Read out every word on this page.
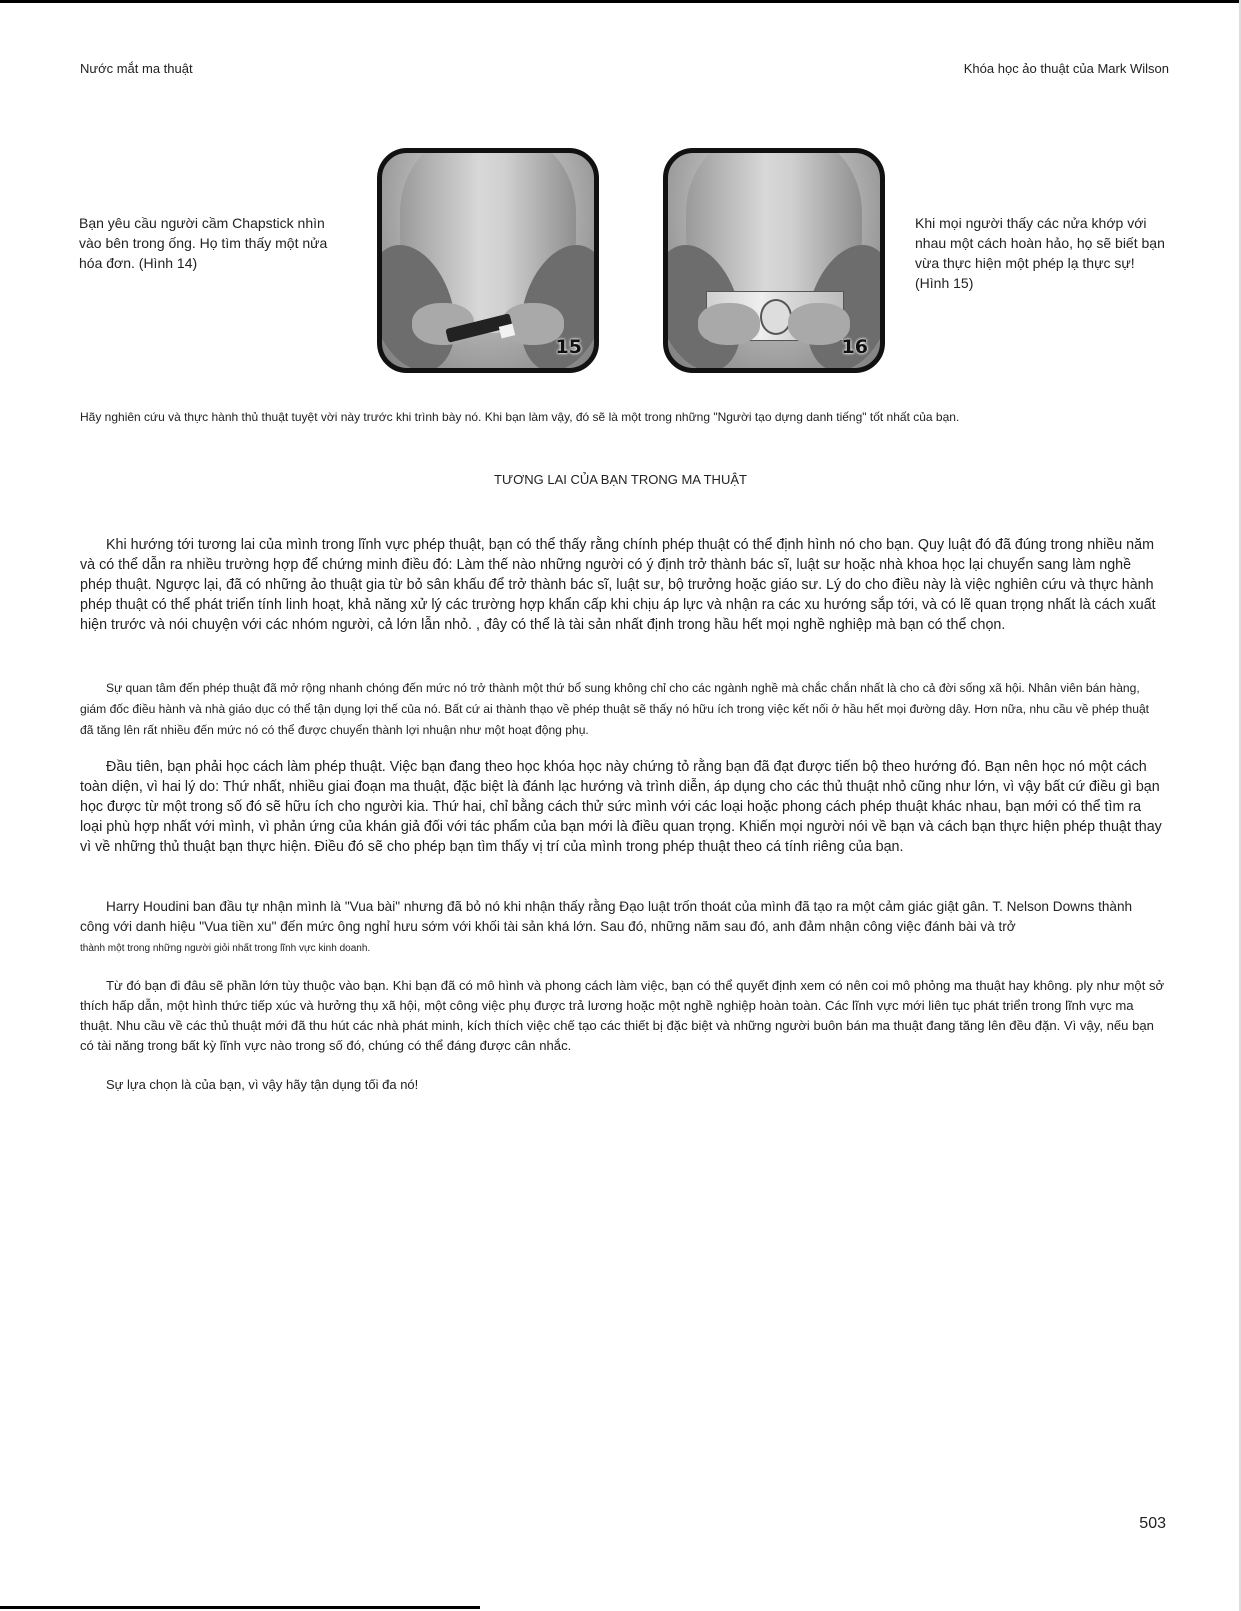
Nước mắt ma thuật	Khóa học ảo thuật của Mark Wilson
Bạn yêu cầu người cầm Chapstick nhìn vào bên trong ống. Họ tìm thấy một nửa hóa đơn. (Hình 14)
15	16
Khi mọi người thấy các nửa khớp với nhau một cách hoàn hảo, họ sẽ biết bạn vừa thực hiện một phép lạ thực sự! (Hình 15)
Hãy nghiên cứu và thực hành thủ thuật tuyệt vời này trước khi trình bày nó. Khi bạn làm vậy, đó sẽ là một trong những "Người tạo dựng danh tiếng" tốt nhất của bạn.
TƯƠNG LAI CỦA BẠN TRONG MA THUẬT

Khi hướng tới tương lai của mình trong lĩnh vực phép thuật, bạn có thể thấy rằng chính phép thuật có thể định hình nó cho bạn. Quy luật đó đã đúng trong nhiều năm và có thể dẫn ra nhiều trường hợp để chứng minh điều đó: Làm thế nào những người có ý định trở thành bác sĩ, luật sư hoặc nhà khoa học lại chuyển sang làm nghề phép thuật. Ngược lại, đã có những ảo thuật gia từ bỏ sân khấu để trở thành bác sĩ, luật sư, bộ trưởng hoặc giáo sư. Lý do cho điều này là việc nghiên cứu và thực hành phép thuật có thể phát triển tính linh hoạt, khả năng xử lý các trường hợp khẩn cấp khi chịu áp lực và nhận ra các xu hướng sắp tới, và có lẽ quan trọng nhất là cách xuất hiện trước và nói chuyện với các nhóm người, cả lớn lẫn nhỏ. , đây có thể là tài sản nhất định trong hầu hết mọi nghề nghiệp mà bạn có thể chọn.

Sự quan tâm đến phép thuật đã mở rộng nhanh chóng đến mức nó trở thành một thứ bổ sung không chỉ cho các ngành nghề mà chắc chắn nhất là cho cả đời sống xã hội. Nhân viên bán hàng, giám đốc điều hành và nhà giáo dục có thể tận dụng lợi thế của nó. Bất cứ ai thành thạo về phép thuật sẽ thấy nó hữu ích trong việc kết nối ở hầu hết mọi đường dây. Hơn nữa, nhu cầu về phép thuật đã tăng lên rất nhiều đến mức nó có thể được chuyển thành lợi nhuận như một hoạt động phụ.

Đầu tiên, bạn phải học cách làm phép thuật. Việc bạn đang theo học khóa học này chứng tỏ rằng bạn đã đạt được tiến bộ theo hướng đó. Bạn nên học nó một cách toàn diện, vì hai lý do: Thứ nhất, nhiều giai đoạn ma thuật, đặc biệt là đánh lạc hướng và trình diễn, áp dụng cho các thủ thuật nhỏ cũng như lớn, vì vậy bất cứ điều gì bạn học được từ một trong số đó sẽ hữu ích cho người kia. Thứ hai, chỉ bằng cách thử sức mình với các loại hoặc phong cách phép thuật khác nhau, bạn mới có thể tìm ra loại phù hợp nhất với mình, vì phản ứng của khán giả đối với tác phẩm của bạn mới là điều quan trọng. Khiến mọi người nói về bạn và cách bạn thực hiện phép thuật thay vì về những thủ thuật bạn thực hiện. Điều đó sẽ cho phép bạn tìm thấy vị trí của mình trong phép thuật theo cá tính riêng của bạn.

Harry Houdini ban đầu tự nhận mình là "Vua bài" nhưng đã bỏ nó khi nhận thấy rằng Đạo luật trốn thoát của mình đã tạo ra một cảm giác giật gân. T. Nelson Downs thành công với danh hiệu "Vua tiền xu" đến mức ông nghỉ hưu sớm với khối tài sản khá lớn. Sau đó, những năm sau đó, anh đảm nhận công việc đánh bài và trở
thành một trong những người giỏi nhất trong lĩnh vực kinh doanh.

Từ đó bạn đi đâu sẽ phần lớn tùy thuộc vào bạn. Khi bạn đã có mô hình và phong cách làm việc, bạn có thể quyết định xem có nên coi mô phỏng ma thuật hay không. ply như một sở thích hấp dẫn, một hình thức tiếp xúc và hưởng thụ xã hội, một công việc phụ được trả lương hoặc một nghề nghiệp hoàn toàn. Các lĩnh vực mới liên tục phát triển trong lĩnh vực ma thuật. Nhu cầu về các thủ thuật mới đã thu hút các nhà phát minh, kích thích việc chế tạo các thiết bị đặc biệt và những người buôn bán ma thuật đang tăng lên đều đặn. Vì vậy, nếu bạn có tài năng trong bất kỳ lĩnh vực nào trong số đó, chúng có thể đáng được cân nhắc.

Sự lựa chọn là của bạn, vì vậy hãy tận dụng tối đa nó!

503
